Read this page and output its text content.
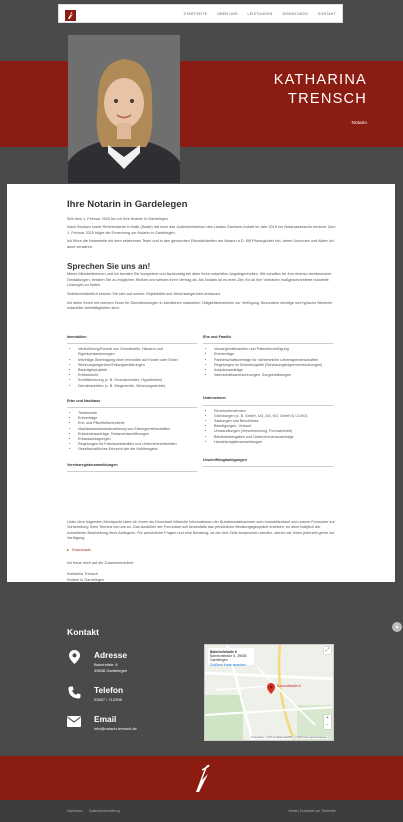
STARTSEITE	ÜBER UNS	LEISTUNGEN	DOWNLOADS	KONTAKT
KATHARINA
TRENSCH
Notarin
Ihre Notarin in Gardelegen

Seit dem 1. Februar 2020 bin ich Ihre Notarin in Gardelegen.

Nach Studium sowie Referendariat in Halle (Saale) hat mich das Justizministerium des Landes Sachsen-Anhalt im Jahr 2015 zur Notarassessorin ernannt. Zum 1. Februar 2020 folgte die Ernennung zur Notarin in Gardelegen.

Ich führe die Notarstelle mit dem erfahrenen Team und in den gewohnten Räumlichkeiten der Notarin a.D. Elfi Pflanzgöcker fort, deren Urkunden und Akten ich auch verwahre.

Sprechen Sie uns an!

Meine Mitarbeiterinnen und ich beraten Sie kompetent und fachkundig bei allen Ihren notariellen Angelegenheiten. Wir schaffen für Ihre ebenso rechtssichere Gestaltungen, beraten Sie zu möglichen Risiken und weisen Ihren Vertrag ab. Als Notarin ist es mein Ziel, für all Ihre Vorhaben maßgeschneiderte notarielle Lösungen zu finden.

Selbstverständlich können Sie sich auf unsere Objektivität und Verschwiegenheit verlassen.

Ich stehe Ihnen mit meinem Team für Dienstleistungen in sämtlichen notariellen Tätigkeitsbereichen zur Verfügung. Besonders wichtige und typische Bereiche notarieller Amtstätigkeiten sind:

Immobilien
• Veräußerung/Erwerb von Grundbesitz, Häusern und Eigentumswohnungen
• lebzeitige Übertragung einer Immobilie auf Kinder oder Enkel
• Wohnungseigentum/Teilungserklärungen
• Bauträgerprojekte
• Erbbaurecht
• Kreditsicherung (z. B. Grundschulden, Hypotheken)
• Dienstbarkeiten (z. B. Wegerechte, Wohnungsrechte)
Erbe und Nachlass
• Testamente
• Erbverträge
• Erb- und Pflichtteilsverzichte
• Nachlassauseinandersetzung von Erbengemeinschaften
• Erbscheinsanträge, Testamentseröffnungen
• Erbausschlagungen
• Regelungen für Patchworkfamilien und Unternehmerfamilien
• Gesellschaftliches Erbrecht wie die Hofübergabe
Vereinsregisteranmeldungen
Ehe und Familie
• Vorsorgevollmachten und Patientenverfügung
• Eheverträge
• Partnerschaftsverträge für nichteheliche Lebensgemeinschaften
• Regelungen im Scheidungsfall (Scheidungsfolgenvereinbarungen)
• Adoptionsanträge
• Vaterschaftsanerkennungen, Sorgeerklärungen
Unternehmer
• Einzelunternehmen
• Gründungen (z. B. GmbH, UG, AG, KG, GmbH & Co.KG)
• Satzungen und Beschlüsse
• Beteiligungen, Verkauf
• Umwandlungen (Verschmelzung, Formwechsel)
• Betriebsübergaben und Unternehmensnachfolge
• Handelsregisteranmeldungen
Urschriftbeglaubigungen

Unter dem folgenden Menüpunkt biete ich Ihnen als Download hilfreiche Informationen der Bundesnotarkammer zum Immobilienkauf und unsere Formulare zur Vorbereitung Ihres Termins bei uns an. Das Ausfüllen der Formulare soll keinesfalls das persönliche Beratungsgespräch ersetzen, es dient lediglich der schnelleren Bearbeitung Ihres Anliegens. Für persönliche Fragen und eine Beratung, ist der Ihre Zeile besprochen werden, stehen wir Ihnen jederzeit gerne zur Verfügung.

▸ Downloads

Ich freue mich auf die Zusammenarbeit.

Katharina Trensch

Notarin in Gardelegen

Kontakt
Adresse
Bahnhofstr. 6
39638 Gardelegen
Telefon
03907 / 712396
Email
info@notarin-trensch.de
Bahnhofstraße 6
Bahnhofstraße 6, 39638 Gardelegen
Größere Karte ansehen
Bahnhofstraße 6
⤢
+
−
Kartendaten © 2020 GeoBasis-DE/BKG (©2009) Nutzungsbedingungen
▲
Impressum Datenschutzerklärung	Hestia | Entwickelt von ThemeIsle
